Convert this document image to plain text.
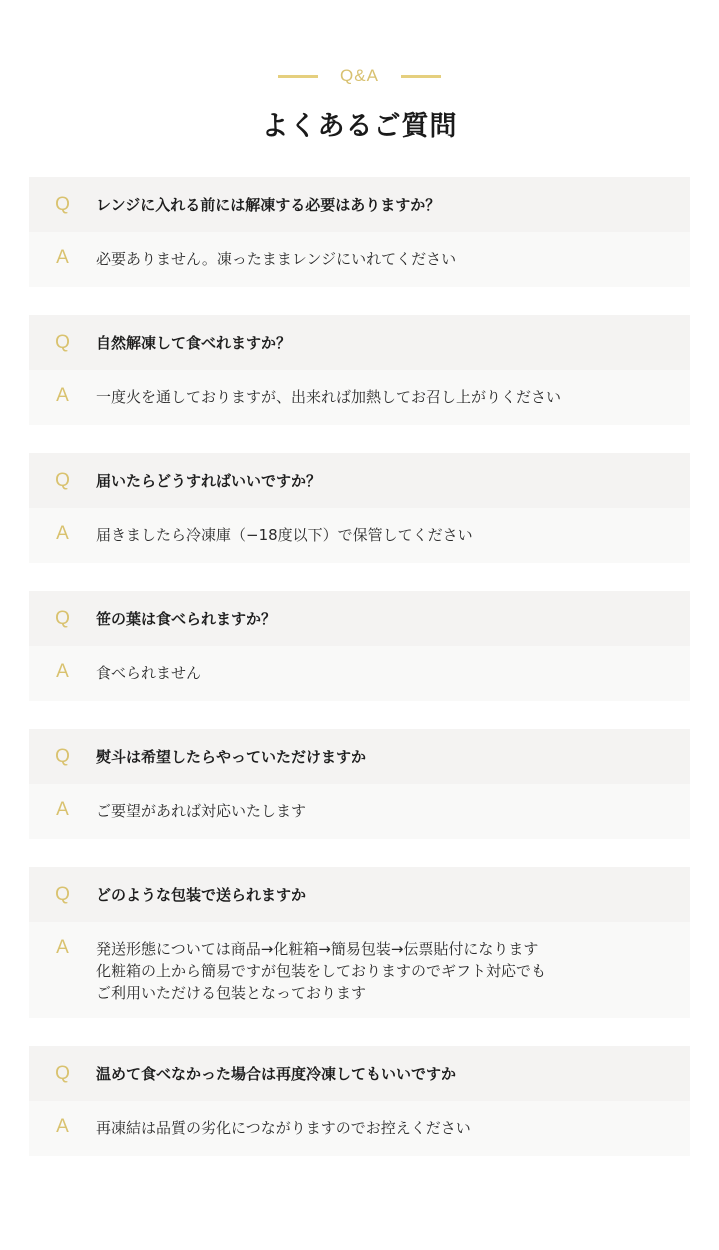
Q&A
よくあるご質問
Q	レンジに入れる前には解凍する必要はありますか？
A	必要ありません。凍ったままレンジにいれてください
Q	自然解凍して食べれますか？
A	一度火を通しておりますが、出来れば加熱してお召し上がりください
Q	届いたらどうすればいいですか？
A	届きましたら冷凍庫（−18度以下）で保管してください
Q	笹の葉は食べられますか？
A	食べられません
Q	熨斗は希望したらやっていただけますか
A	ご要望があれば対応いたします
Q	どのような包装で送られますか
A	発送形態については商品→化粧箱→簡易包装→伝票貼付になります
化粧箱の上から簡易ですが包装をしておりますのでギフト対応でも
ご利用いただける包装となっております
Q	温めて食べなかった場合は再度冷凍してもいいですか
A	再凍結は品質の劣化につながりますのでお控えください
